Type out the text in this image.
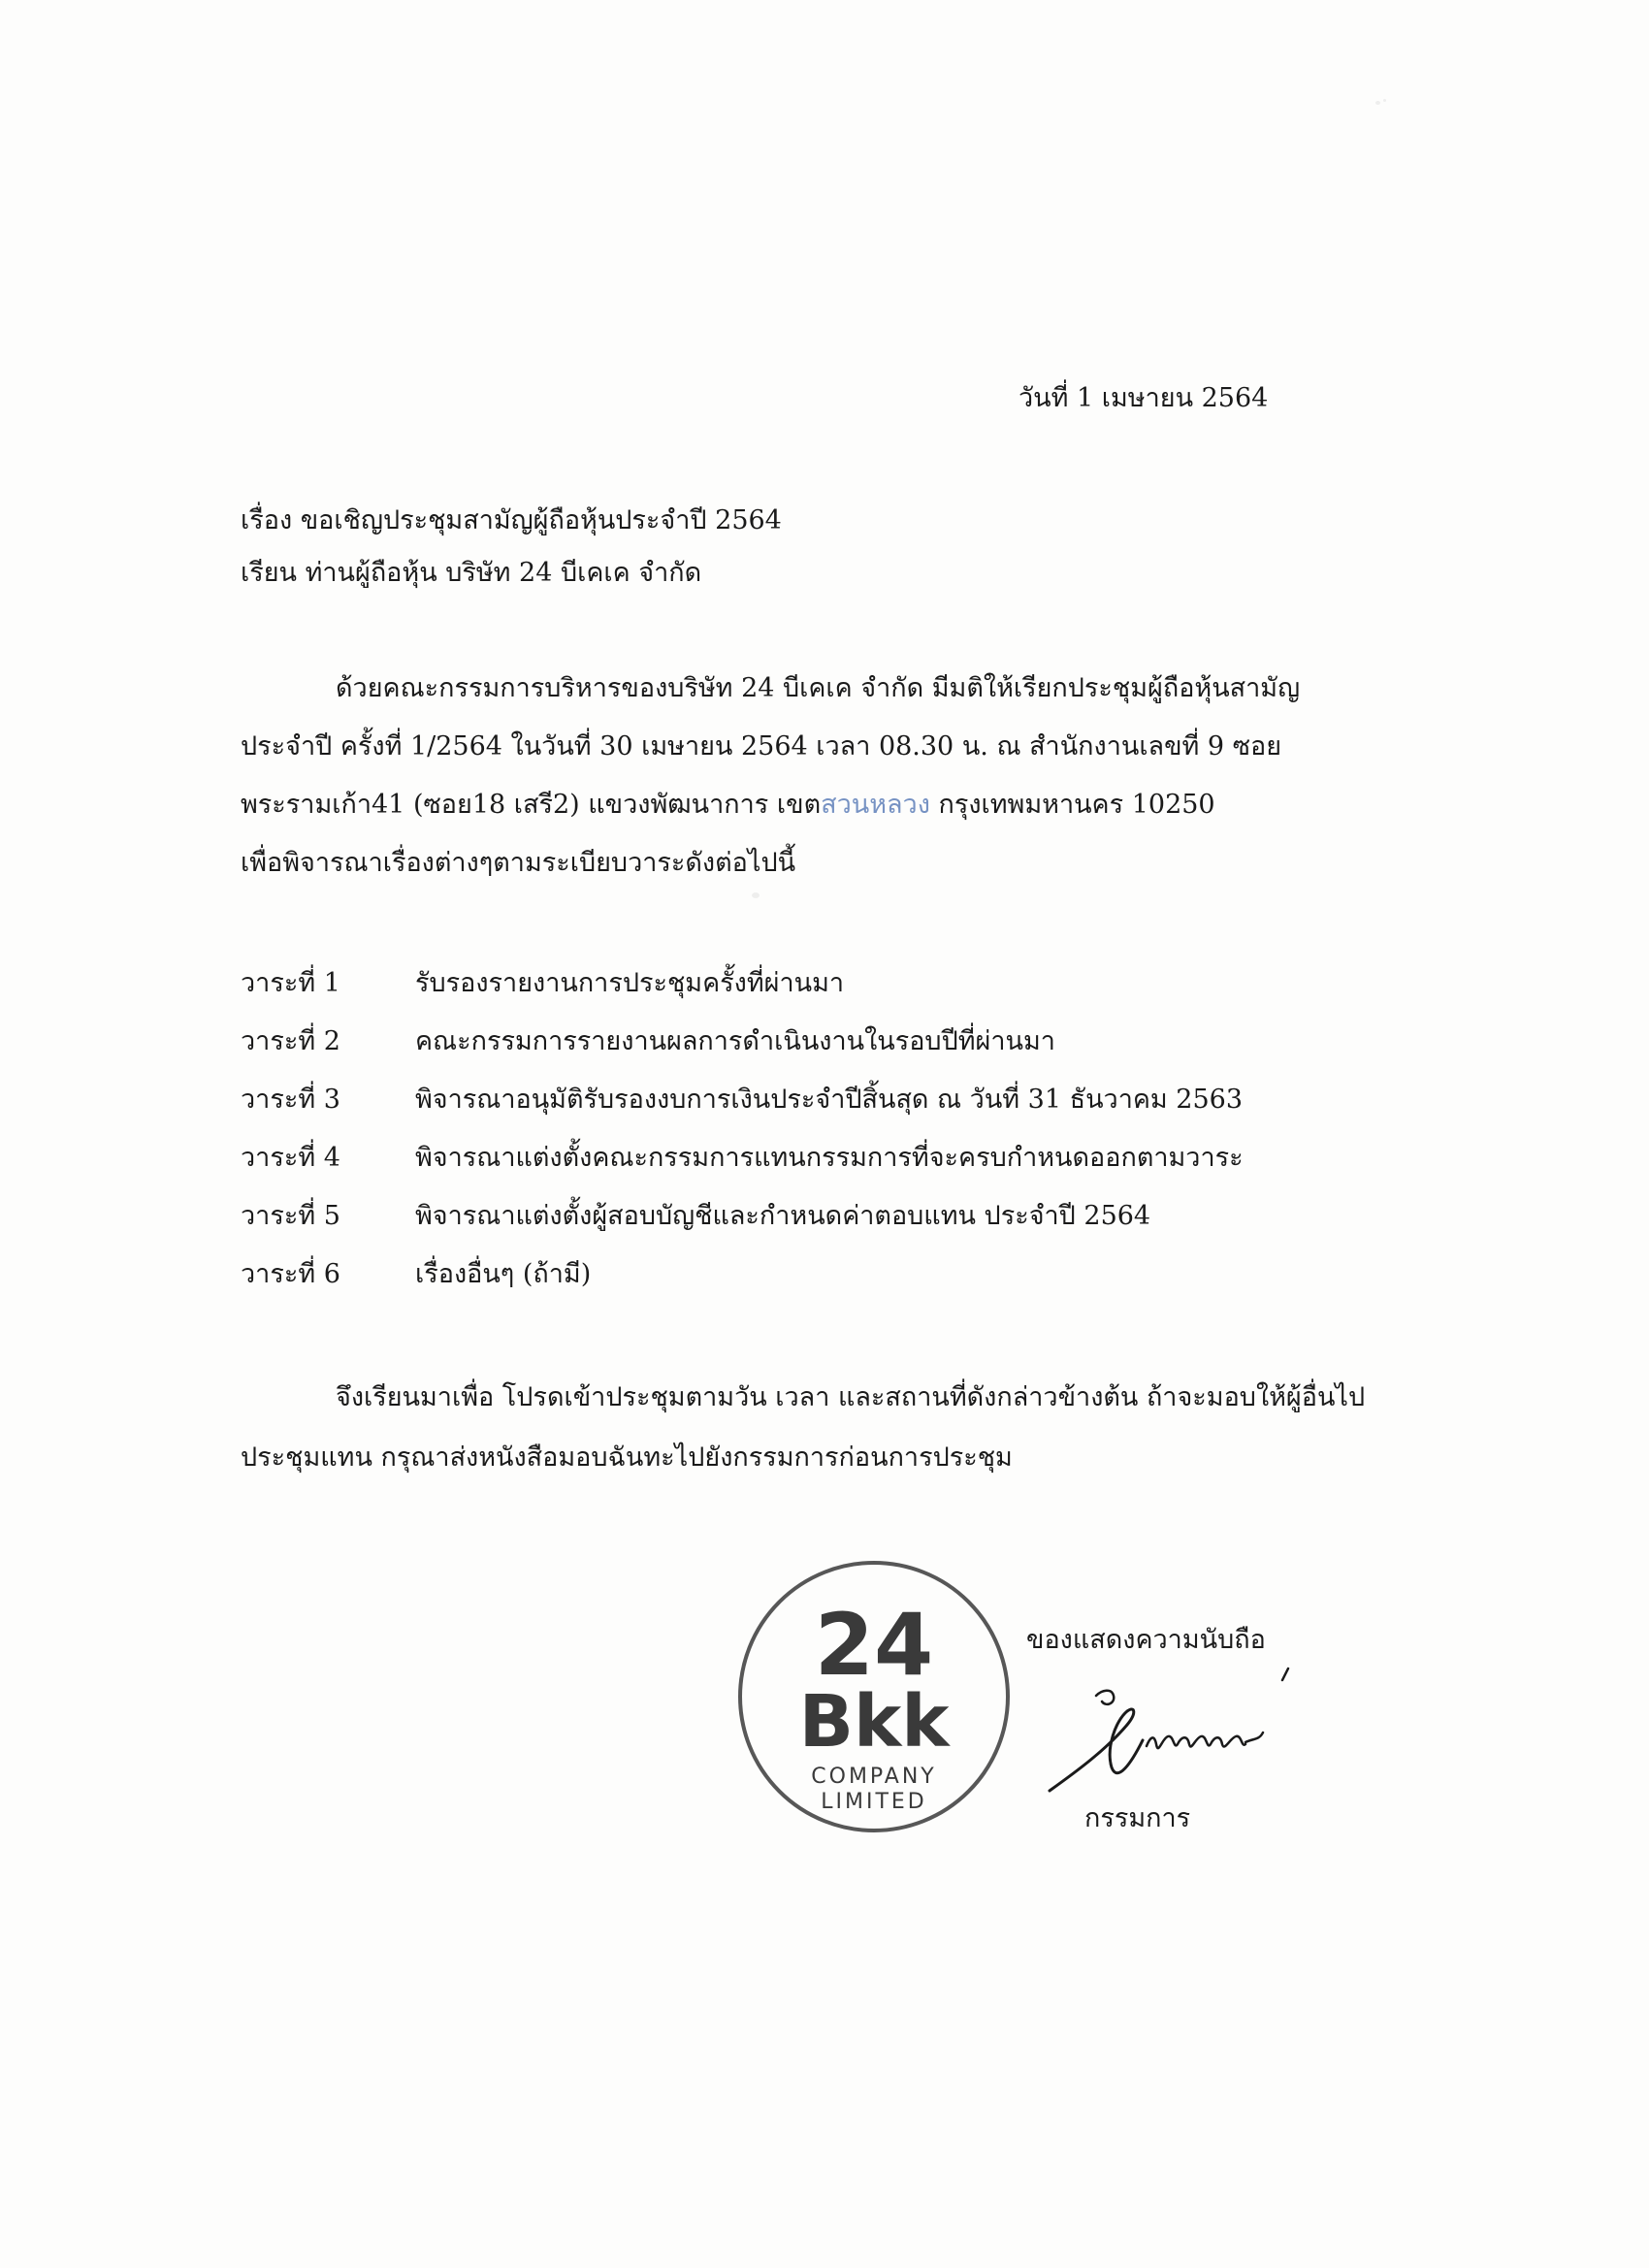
วันที่ 1 เมษายน 2564
เรื่อง ขอเชิญประชุมสามัญผู้ถือหุ้นประจำปี 2564
เรียน ท่านผู้ถือหุ้น บริษัท 24 บีเคเค จำกัด
ด้วยคณะกรรมการบริหารของบริษัท 24 บีเคเค จำกัด มีมติให้เรียกประชุมผู้ถือหุ้นสามัญ
ประจำปี ครั้งที่ 1/2564 ในวันที่ 30 เมษายน 2564 เวลา 08.30 น. ณ สำนักงานเลขที่ 9 ซอย
พระรามเก้า41 (ซอย18 เสรี2) แขวงพัฒนาการ เขตสวนหลวง กรุงเทพมหานคร 10250
เพื่อพิจารณาเรื่องต่างๆตามระเบียบวาระดังต่อไปนี้
วาระที่ 1	รับรองรายงานการประชุมครั้งที่ผ่านมา
วาระที่ 2	คณะกรรมการรายงานผลการดำเนินงานในรอบปีที่ผ่านมา
วาระที่ 3	พิจารณาอนุมัติรับรองงบการเงินประจำปีสิ้นสุด ณ วันที่ 31 ธันวาคม 2563
วาระที่ 4	พิจารณาแต่งตั้งคณะกรรมการแทนกรรมการที่จะครบกำหนดออกตามวาระ
วาระที่ 5	พิจารณาแต่งตั้งผู้สอบบัญชีและกำหนดค่าตอบแทน ประจำปี 2564
วาระที่ 6	เรื่องอื่นๆ (ถ้ามี)
จึงเรียนมาเพื่อ โปรดเข้าประชุมตามวัน เวลา และสถานที่ดังกล่าวข้างต้น ถ้าจะมอบให้ผู้อื่นไป
ประชุมแทน กรุณาส่งหนังสือมอบฉันทะไปยังกรรมการก่อนการประชุม
24
Bkk
COMPANY
LIMITED
ของแสดงความนับถือ
กรรมการ
